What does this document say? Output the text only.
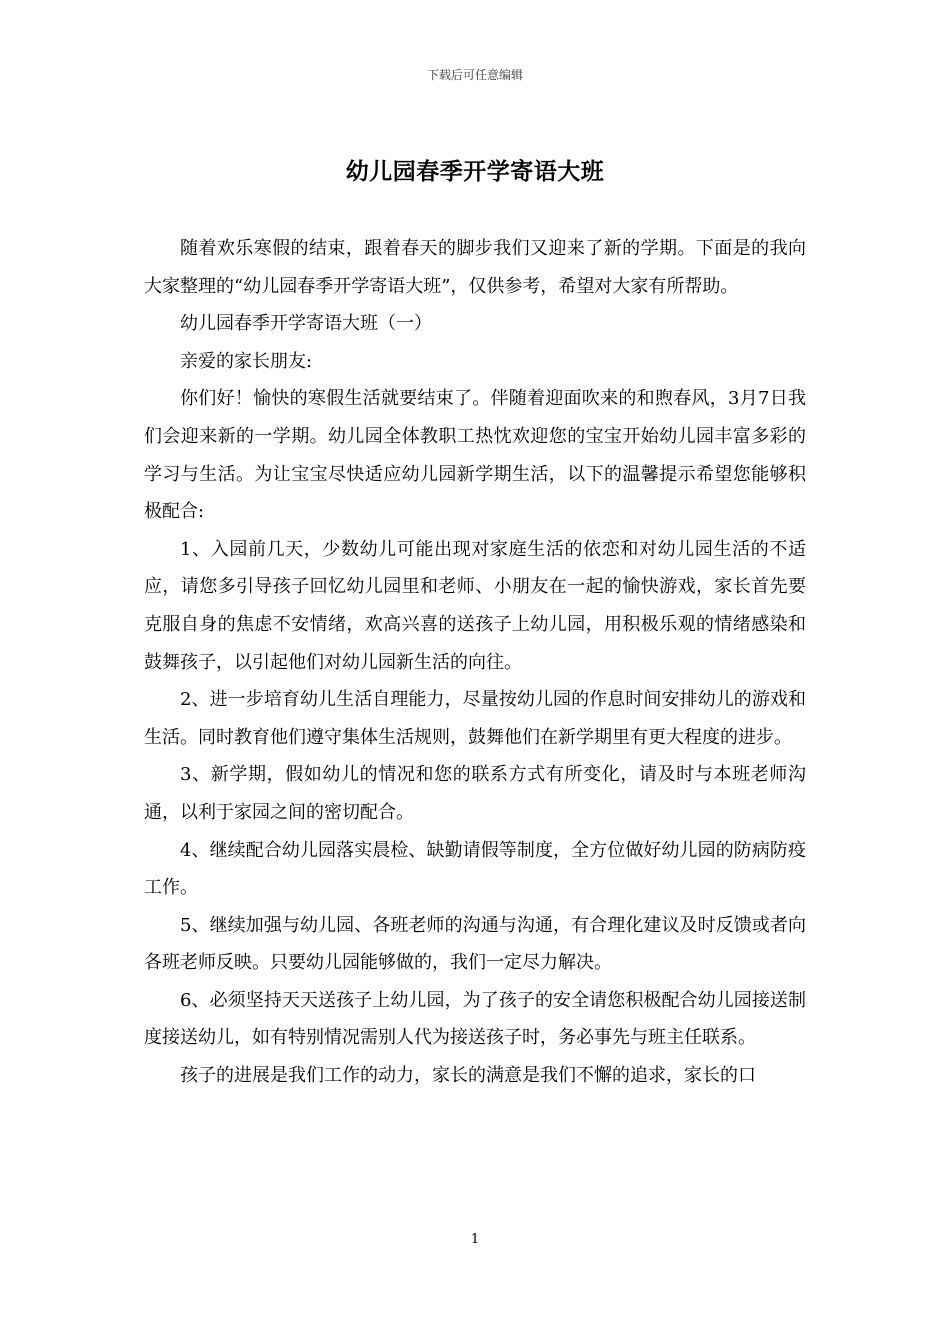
下载后可任意编辑
幼儿园春季开学寄语大班

随着欢乐寒假的结束，跟着春天的脚步我们又迎来了新的学期。下面是的我向大家整理的“幼儿园春季开学寄语大班”，仅供参考，希望对大家有所帮助。

幼儿园春季开学寄语大班（一）

亲爱的家长朋友:

你们好！愉快的寒假生活就要结束了。伴随着迎面吹来的和煦春风，3月7日我们会迎来新的一学期。幼儿园全体教职工热忱欢迎您的宝宝开始幼儿园丰富多彩的学习与生活。为让宝宝尽快适应幼儿园新学期生活，以下的温馨提示希望您能够积极配合:

1、入园前几天，少数幼儿可能出现对家庭生活的依恋和对幼儿园生活的不适应，请您多引导孩子回忆幼儿园里和老师、小朋友在一起的愉快游戏，家长首先要克服自身的焦虑不安情绪，欢高兴喜的送孩子上幼儿园，用积极乐观的情绪感染和鼓舞孩子，以引起他们对幼儿园新生活的向往。

2、进一步培育幼儿生活自理能力，尽量按幼儿园的作息时间安排幼儿的游戏和生活。同时教育他们遵守集体生活规则，鼓舞他们在新学期里有更大程度的进步。

3、新学期，假如幼儿的情况和您的联系方式有所变化，请及时与本班老师沟通，以利于家园之间的密切配合。

4、继续配合幼儿园落实晨检、缺勤请假等制度，全方位做好幼儿园的防病防疫工作。

5、继续加强与幼儿园、各班老师的沟通与沟通，有合理化建议及时反馈或者向各班老师反映。只要幼儿园能够做的，我们一定尽力解决。

6、必须坚持天天送孩子上幼儿园，为了孩子的安全请您积极配合幼儿园接送制度接送幼儿，如有特别情况需别人代为接送孩子时，务必事先与班主任联系。

孩子的进展是我们工作的动力，家长的满意是我们不懈的追求，家长的口

1
